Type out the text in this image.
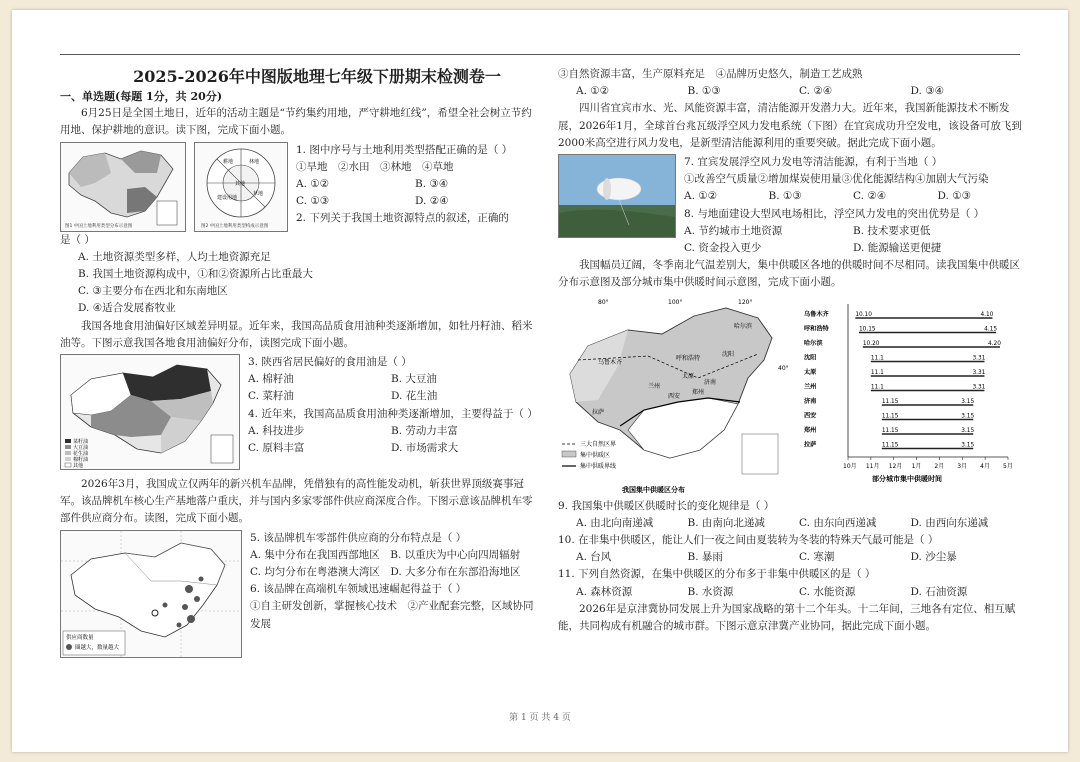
2025-2026年中图版地理七年级下册期末检测卷一

一、单选题(每题 1分，共 20分)

6月25日是全国土地日，近年的活动主题是“节约集约用地，严守耕地红线”，希望全社会树立节约用地、保护耕地的意识。读下图，完成下面小题。

图1 中国土地利用类型分布示意图
耕地	林地
草地
建设用地
其他
图2 中国土地利用类型构成示意图

1. 图中序号与土地利用类型搭配正确的是（ ）

①旱地　②水田　③林地　④草地

A. ①②	B. ③④
C. ①③	D. ②④

2. 下列关于我国土地资源特点的叙述，正确的

是（ ）

A. 土地资源类型多样，人均土地资源充足

B. 我国土地资源构成中，①和②资源所占比重最大

C. ③主要分布在西北和东南地区

D. ④适合发展畜牧业

我国各地食用油偏好区域差异明显。近年来，我国高品质食用油种类逐渐增加，如牡丹籽油、稻米油等。下图示意我国各地食用油偏好分布，读图完成下面小题。

菜籽油
大豆油
花生油
棉籽油
其他

3. 陕西省居民偏好的食用油是（ ）

A. 棉籽油	B. 大豆油
C. 菜籽油	D. 花生油

4. 近年来，我国高品质食用油种类逐渐增加，主要得益于（ ）

A. 科技进步	B. 劳动力丰富
C. 原料丰富	D. 市场需求大

2026年3月，我国成立仅两年的新兴机车品牌，凭借独有的高性能发动机，斩获世界顶级赛事冠军。该品牌机车核心生产基地落户重庆，并与国内多家零部件供应商深度合作。下图示意该品牌机车零部件供应商分布。读图，完成下面小题。

供应商数量
圈越大，数量越大

5. 该品牌机车零部件供应商的分布特点是（ ）

A. 集中分布在我国西部地区　B. 以重庆为中心向四周辐射

C. 均匀分布在粤港澳大湾区　D. 大多分布在东部沿海地区

6. 该品牌在高端机车领域迅速崛起得益于（ ）

①自主研发创新，掌握核心技术　②产业配套完整，区域协同发展

③自然资源丰富，生产原料充足　④品牌历史悠久，制造工艺成熟

A. ①②	B. ①③	C. ②④	D. ③④

四川省宜宾市水、光、风能资源丰富，清洁能源开发潜力大。近年来，我国新能源技术不断发展，2026年1月，全球首台兆瓦级浮空风力发电系统（下图）在宜宾成功升空发电，该设备可放飞到2000米高空进行风力发电，是新型清洁能源利用的重要突破。据此完成下面小题。

7. 宜宾发展浮空风力发电等清洁能源，有利于当地（ ）

①改善空气质量②增加煤炭使用量③优化能源结构④加剧大气污染

A. ①②	B. ①③	C. ②④	D. ①③

8. 与地面建设大型风电场相比，浮空风力发电的突出优势是（ ）

A. 节约城市土地资源	B. 技术要求更低
C. 资金投入更少	D. 能源输送更便捷

我国幅员辽阔，冬季南北气温差别大，集中供暖区各地的供暖时间不尽相同。读我国集中供暖区分布示意图及部分城市集中供暖时间示意图，完成下面小题。

80°	100°	120°
40°
乌鲁木齐
呼和浩特
哈尔滨
沈阳
太原
兰州
济南
西安
郑州
拉萨
三大自然区界
集中供暖区
集中供暖界线
我国集中供暖区分布
10月 11月 12月 1月 2月 3月 4月 5月
乌鲁木齐	10.10	4.10
呼和浩特	10.15	4.15
哈尔滨	10.20	4.20
沈阳	11.1	3.31
太原	11.1	3.31
兰州	11.1	3.31
济南	11.15	3.15
西安	11.15	3.15
郑州	11.15	3.15
拉萨	11.15	3.15
部分城市集中供暖时间

9. 我国集中供暖区供暖时长的变化规律是（ ）

A. 由北向南递减	B. 由南向北递减	C. 由东向西递减	D. 由西向东递减

10. 在非集中供暖区，能让人们一夜之间由夏装转为冬装的特殊天气最可能是（ ）

A. 台风	B. 暴雨	C. 寒潮	D. 沙尘暴

11. 下列自然资源，在集中供暖区的分布多于非集中供暖区的是（ ）

A. 森林资源	B. 水资源	C. 水能资源	D. 石油资源

2026年是京津冀协同发展上升为国家战略的第十二个年头。十二年间，三地各有定位、相互赋能，共同构成有机融合的城市群。下图示意京津冀产业协同，据此完成下面小题。

第 1 页 共 4 页
